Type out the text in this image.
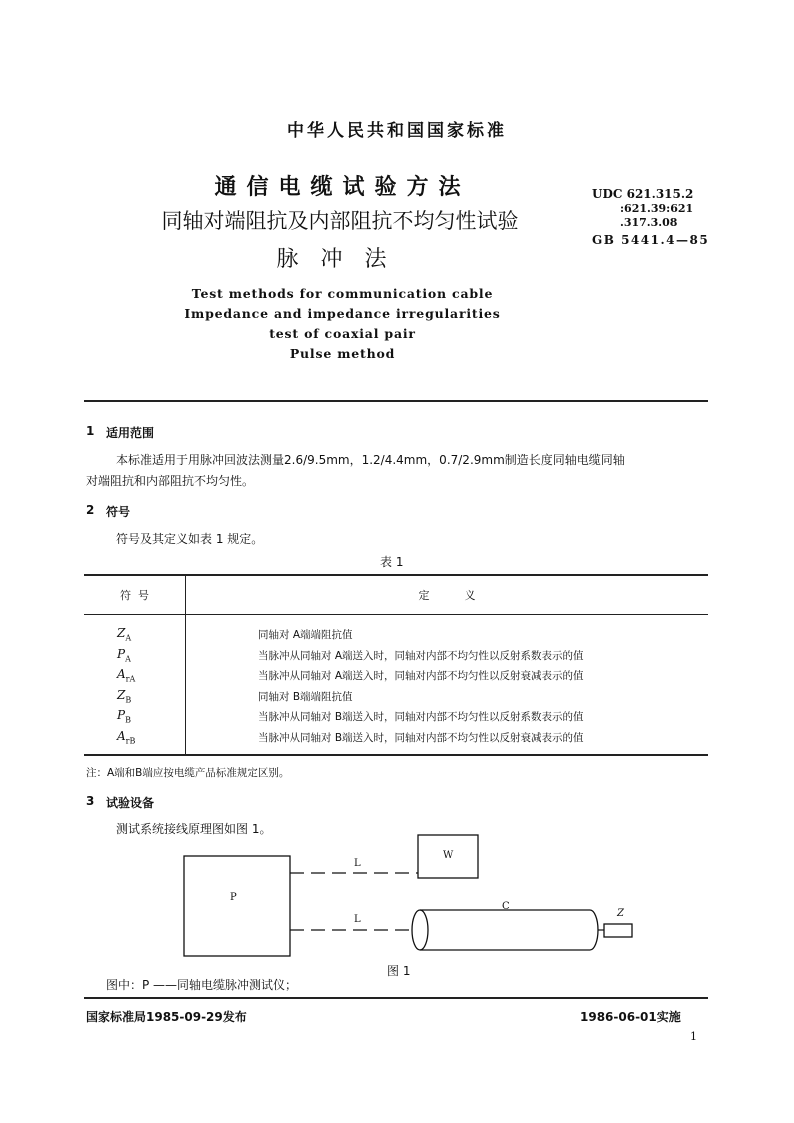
中华人民共和国国家标准
通信电缆试验方法
同轴对端阻抗及内部阻抗不均匀性试验
脉冲法
Test methods for communication cable
Impedance and impedance irregularities
test of coaxial pair
Pulse method
UDC 621.315.2
:621.39:621
.317.3.08
GB 5441.4—85
1 适用范围
本标准适用于用脉冲回波法测量2.6/9.5mm，1.2/4.4mm，0.7/2.9mm制造长度同轴电缆同轴
对端阻抗和内部阻抗不均匀性。
2 符号
符号及其定义如表 1 规定。
表 1
符  号	定          义
$Z_A$	同轴对 A端端阻抗值
$P_A$	当脉冲从同轴对 A端送入时，同轴对内部不均匀性以反射系数表示的值
$A_{rA}$	当脉冲从同轴对 A端送入时，同轴对内部不均匀性以反射衰减表示的值
$Z_B$	同轴对 B端端阻抗值
$P_B$	当脉冲从同轴对 B端送入时，同轴对内部不均匀性以反射系数表示的值
$A_{rB}$	当脉冲从同轴对 B端送入时，同轴对内部不均匀性以反射衰减表示的值
注：A端和B端应按电缆产品标准规定区别。
3 试验设备
测试系统接线原理图如图 1。
P
W
L
L
C
Z
图 1
图中：P ——同轴电缆脉冲测试仪；
国家标准局1985-09-29发布	1986-06-01实施
1
